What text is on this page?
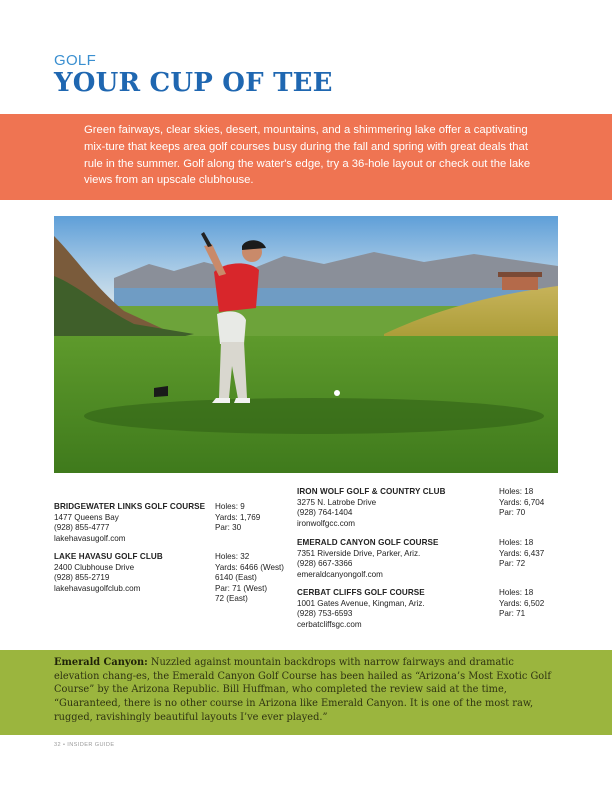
GOLF
YOUR CUP OF TEE
Green fairways, clear skies, desert, mountains, and a shimmering lake offer a captivating mix-ture that keeps area golf courses busy during the fall and spring with great deals that rule in the summer. Golf along the water's edge, try a 36-hole layout or check out the lake views from an upscale clubhouse.
BRIDGEWATER LINKS GOLF COURSE
1477 Queens Bay
(928) 855-4777
lakehavasugolf.com
Holes: 9
Yards: 1,769
Par: 30
LAKE HAVASU GOLF CLUB
2400 Clubhouse Drive
(928) 855-2719
lakehavasugolfclub.com
Holes: 32
Yards: 6466 (West)
6140 (East)
Par: 71 (West)
72 (East)
IRON WOLF GOLF & COUNTRY CLUB
3275 N. Latrobe Drive
(928) 764-1404
ironwolfgcc.com
Holes: 18
Yards: 6,704
Par: 70
EMERALD CANYON GOLF COURSE
7351 Riverside Drive, Parker, Ariz.
(928) 667-3366
emeraldcanyongolf.com
Holes: 18
Yards: 6,437
Par: 72
CERBAT CLIFFS GOLF COURSE
1001 Gates Avenue, Kingman, Ariz.
(928) 753-6593
cerbatcliffsgc.com
Holes: 18
Yards: 6,502
Par: 71
Emerald Canyon: Nuzzled against mountain backdrops with narrow fairways and dramatic elevation chang-es, the Emerald Canyon Golf Course has been hailed as “Arizona’s Most Exotic Golf Course” by the Arizona Republic. Bill Huffman, who completed the review said at the time, “Guaranteed, there is no other course in Arizona like Emerald Canyon. It is one of the most raw, rugged, ravishingly beautiful layouts I’ve ever played.”
32 • INSIDER GUIDE
